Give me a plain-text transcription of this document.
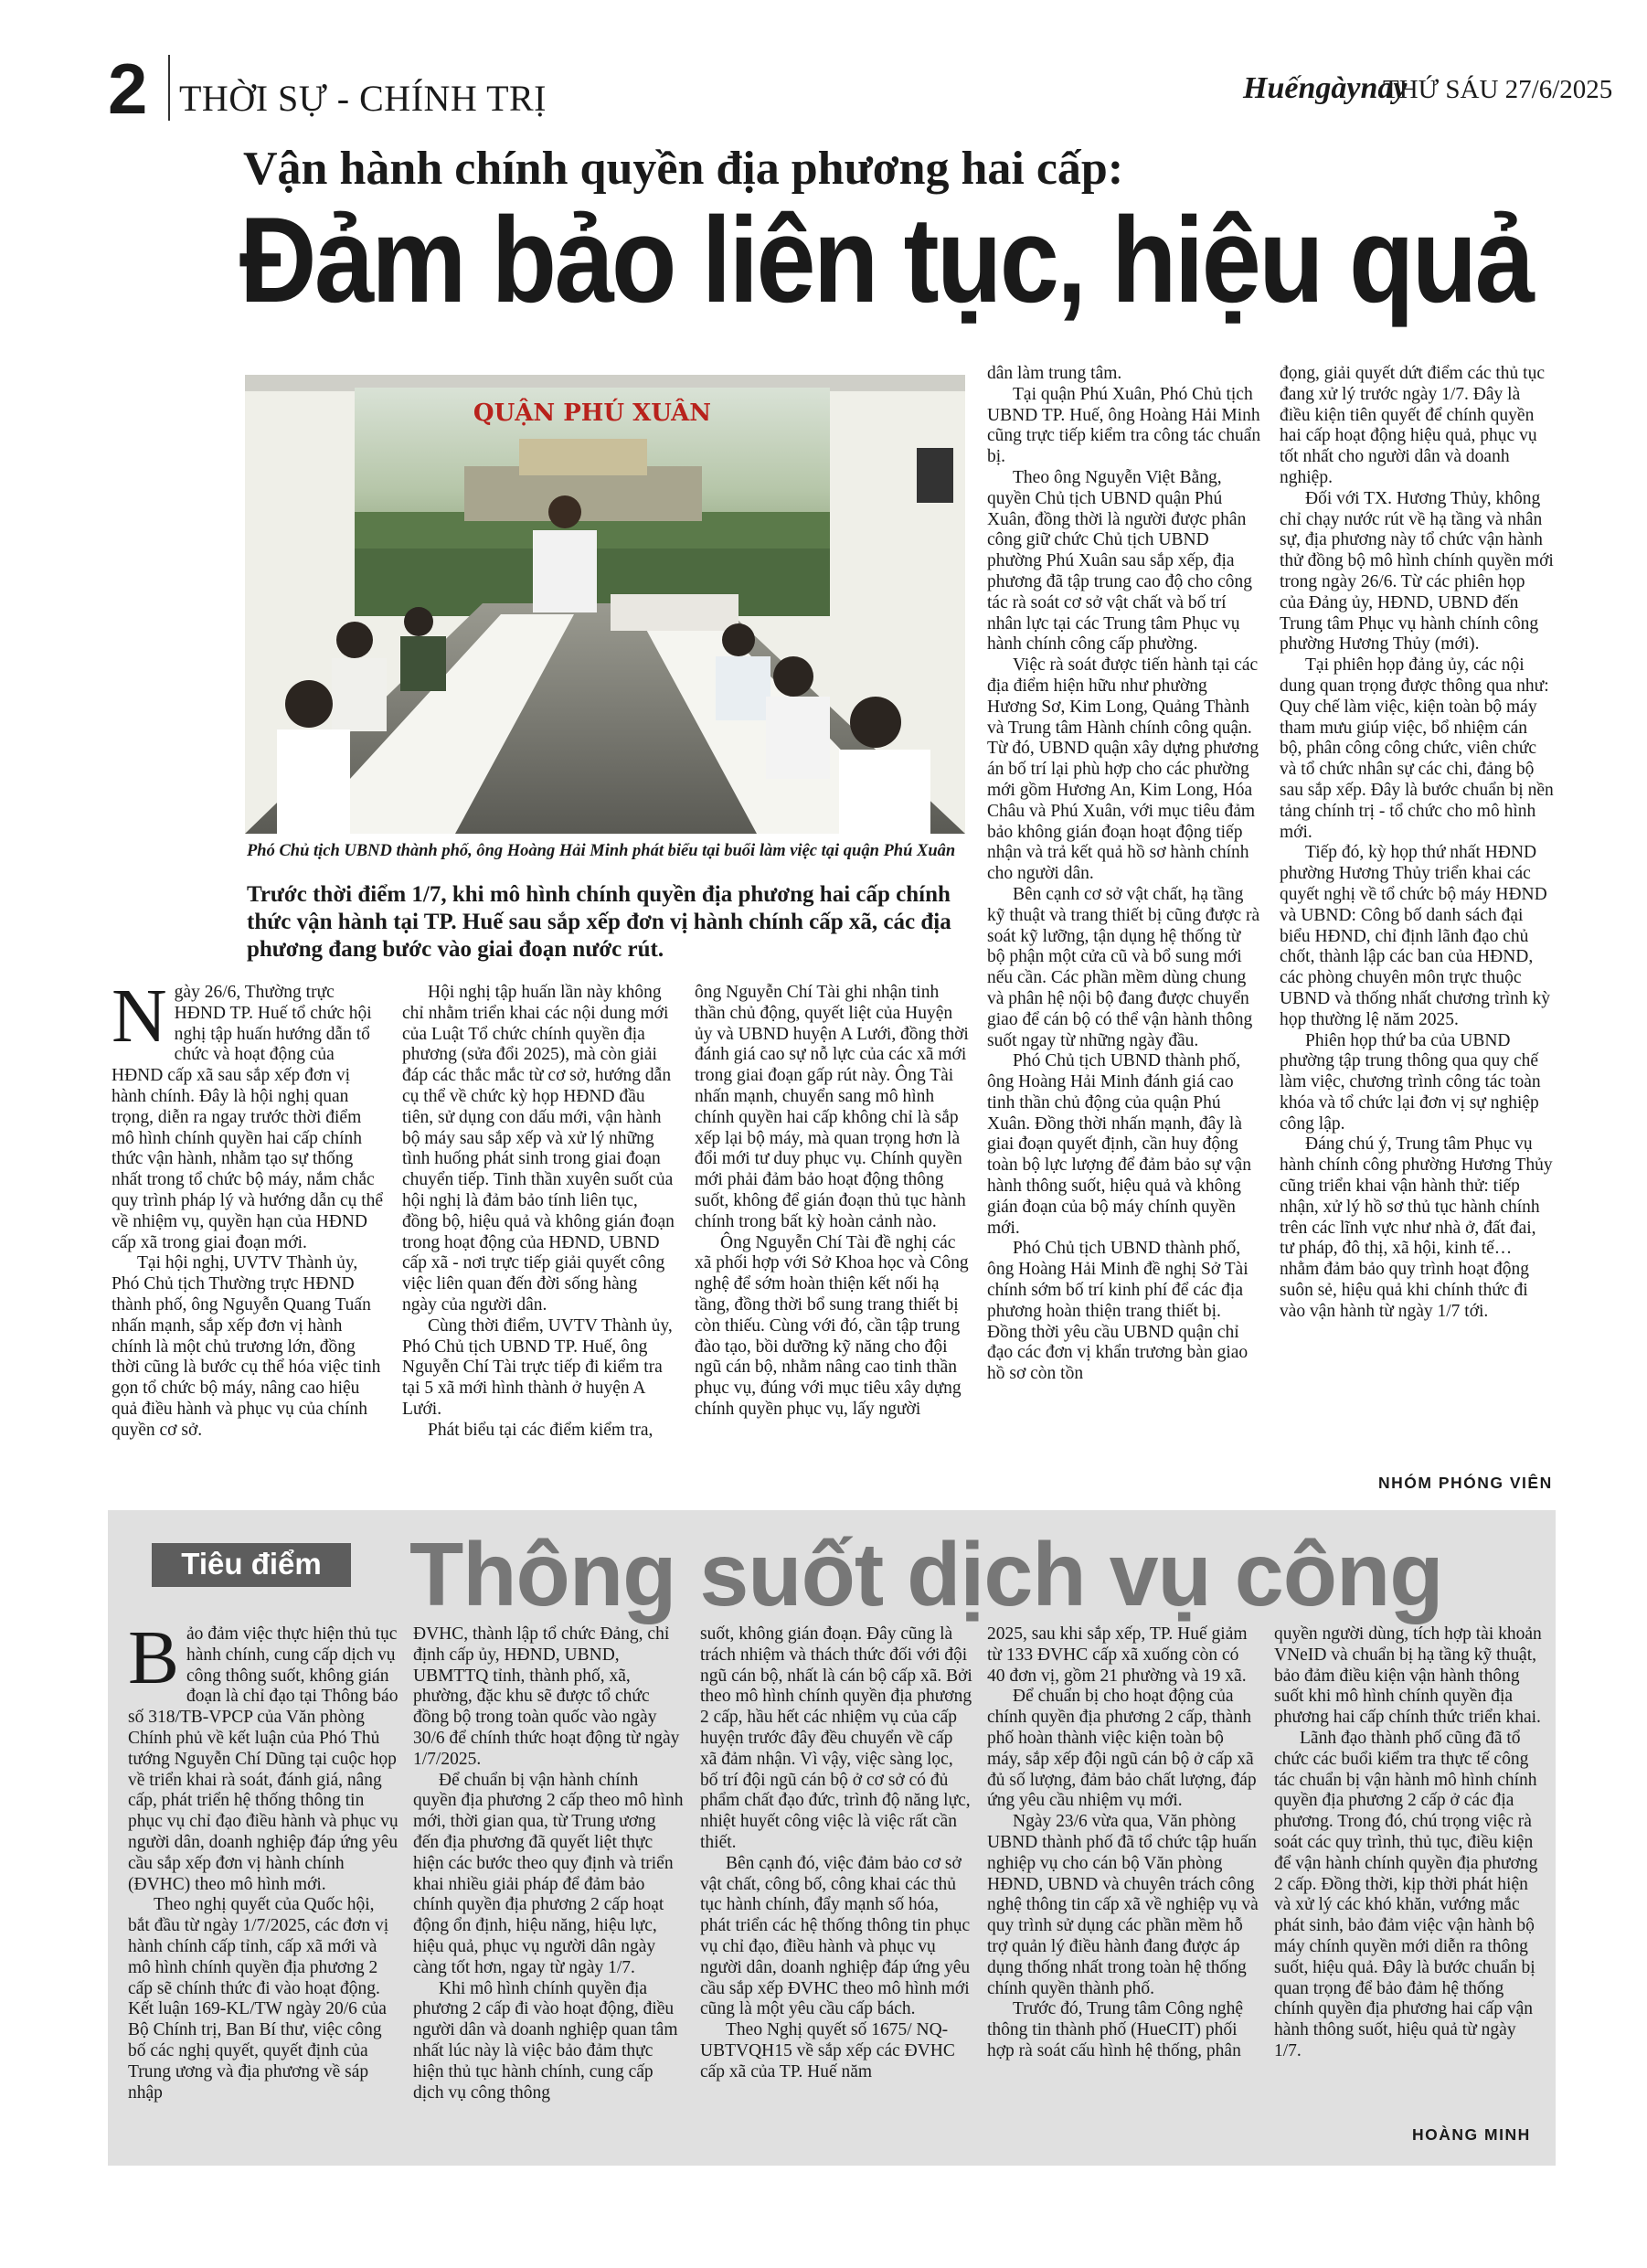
2 THỜI SỰ - CHÍNH TRỊ	Huếngàynay
THỨ SÁU 27/6/2025
Vận hành chính quyền địa phương hai cấp:
Đảm bảo liên tục, hiệu quả
QUẬN PHÚ XUÂN
Phó Chủ tịch UBND thành phố, ông Hoàng Hải Minh phát biểu tại buổi làm việc tại quận Phú Xuân
Trước thời điểm 1/7, khi mô hình chính quyền địa phương hai cấp chính thức vận hành tại TP. Huế sau sắp xếp đơn vị hành chính cấp xã, các địa phương đang bước vào giai đoạn nước rút.

Ngày 26/6, Thường trực HĐND TP. Huế tổ chức hội nghị tập huấn hướng dẫn tổ chức và hoạt động của HĐND cấp xã sau sắp xếp đơn vị hành chính. Đây là hội nghị quan trọng, diễn ra ngay trước thời điểm mô hình chính quyền hai cấp chính thức vận hành, nhằm tạo sự thống nhất trong tổ chức bộ máy, nắm chắc quy trình pháp lý và hướng dẫn cụ thể về nhiệm vụ, quyền hạn của HĐND cấp xã trong giai đoạn mới.

Tại hội nghị, UVTV Thành ủy, Phó Chủ tịch Thường trực HĐND thành phố, ông Nguyễn Quang Tuấn nhấn mạnh, sắp xếp đơn vị hành chính là một chủ trương lớn, đồng thời cũng là bước cụ thể hóa việc tinh gọn tổ chức bộ máy, nâng cao hiệu quả điều hành và phục vụ của chính quyền cơ sở.

Hội nghị tập huấn lần này không chỉ nhằm triển khai các nội dung mới của Luật Tổ chức chính quyền địa phương (sửa đổi 2025), mà còn giải đáp các thắc mắc từ cơ sở, hướng dẫn cụ thể về chức kỳ họp HĐND đầu tiên, sử dụng con dấu mới, vận hành bộ máy sau sắp xếp và xử lý những tình huống phát sinh trong giai đoạn chuyển tiếp. Tinh thần xuyên suốt của hội nghị là đảm bảo tính liên tục, đồng bộ, hiệu quả và không gián đoạn trong hoạt động của HĐND, UBND cấp xã - nơi trực tiếp giải quyết công việc liên quan đến đời sống hàng ngày của người dân.

Cùng thời điểm, UVTV Thành ủy, Phó Chủ tịch UBND TP. Huế, ông Nguyễn Chí Tài trực tiếp đi kiểm tra tại 5 xã mới hình thành ở huyện A Lưới.

Phát biểu tại các điểm kiểm tra,

ông Nguyễn Chí Tài ghi nhận tinh thần chủ động, quyết liệt của Huyện ủy và UBND huyện A Lưới, đồng thời đánh giá cao sự nỗ lực của các xã mới trong giai đoạn gấp rút này. Ông Tài nhấn mạnh, chuyển sang mô hình chính quyền hai cấp không chỉ là sắp xếp lại bộ máy, mà quan trọng hơn là đổi mới tư duy phục vụ. Chính quyền mới phải đảm bảo hoạt động thông suốt, không để gián đoạn thủ tục hành chính trong bất kỳ hoàn cảnh nào.

Ông Nguyễn Chí Tài đề nghị các xã phối hợp với Sở Khoa học và Công nghệ để sớm hoàn thiện kết nối hạ tầng, đồng thời bổ sung trang thiết bị còn thiếu. Cùng với đó, cần tập trung đào tạo, bồi dưỡng kỹ năng cho đội ngũ cán bộ, nhằm nâng cao tinh thần phục vụ, đúng với mục tiêu xây dựng chính quyền phục vụ, lấy người

dân làm trung tâm.

Tại quận Phú Xuân, Phó Chủ tịch UBND TP. Huế, ông Hoàng Hải Minh cũng trực tiếp kiểm tra công tác chuẩn bị.

Theo ông Nguyễn Việt Bằng, quyền Chủ tịch UBND quận Phú Xuân, đồng thời là người được phân công giữ chức Chủ tịch UBND phường Phú Xuân sau sắp xếp, địa phương đã tập trung cao độ cho công tác rà soát cơ sở vật chất và bố trí nhân lực tại các Trung tâm Phục vụ hành chính công cấp phường.

Việc rà soát được tiến hành tại các địa điểm hiện hữu như phường Hương Sơ, Kim Long, Quảng Thành và Trung tâm Hành chính công quận. Từ đó, UBND quận xây dựng phương án bố trí lại phù hợp cho các phường mới gồm Hương An, Kim Long, Hóa Châu và Phú Xuân, với mục tiêu đảm bảo không gián đoạn hoạt động tiếp nhận và trả kết quả hồ sơ hành chính cho người dân.

Bên cạnh cơ sở vật chất, hạ tầng kỹ thuật và trang thiết bị cũng được rà soát kỹ lưỡng, tận dụng hệ thống từ bộ phận một cửa cũ và bổ sung mới nếu cần. Các phần mềm dùng chung và phân hệ nội bộ đang được chuyển giao để cán bộ có thể vận hành thông suốt ngay từ những ngày đầu.

Phó Chủ tịch UBND thành phố, ông Hoàng Hải Minh đánh giá cao tinh thần chủ động của quận Phú Xuân. Đồng thời nhấn mạnh, đây là giai đoạn quyết định, cần huy động toàn bộ lực lượng để đảm bảo sự vận hành thông suốt, hiệu quả và không gián đoạn của bộ máy chính quyền mới.

Phó Chủ tịch UBND thành phố, ông Hoàng Hải Minh đề nghị Sở Tài chính sớm bố trí kinh phí để các địa phương hoàn thiện trang thiết bị. Đồng thời yêu cầu UBND quận chỉ đạo các đơn vị khẩn trương bàn giao hồ sơ còn tồn

đọng, giải quyết dứt điểm các thủ tục đang xử lý trước ngày 1/7. Đây là điều kiện tiên quyết để chính quyền hai cấp hoạt động hiệu quả, phục vụ tốt nhất cho người dân và doanh nghiệp.

Đối với TX. Hương Thủy, không chỉ chạy nước rút về hạ tầng và nhân sự, địa phương này tổ chức vận hành thử đồng bộ mô hình chính quyền mới trong ngày 26/6. Từ các phiên họp của Đảng ủy, HĐND, UBND đến Trung tâm Phục vụ hành chính công phường Hương Thủy (mới).

Tại phiên họp đảng ủy, các nội dung quan trọng được thông qua như: Quy chế làm việc, kiện toàn bộ máy tham mưu giúp việc, bổ nhiệm cán bộ, phân công công chức, viên chức và tổ chức nhân sự các chi, đảng bộ sau sắp xếp. Đây là bước chuẩn bị nền tảng chính trị - tổ chức cho mô hình mới.

Tiếp đó, kỳ họp thứ nhất HĐND phường Hương Thủy triển khai các quyết nghị về tổ chức bộ máy HĐND và UBND: Công bố danh sách đại biểu HĐND, chỉ định lãnh đạo chủ chốt, thành lập các ban của HĐND, các phòng chuyên môn trực thuộc UBND và thống nhất chương trình kỳ họp thường lệ năm 2025.

Phiên họp thứ ba của UBND phường tập trung thông qua quy chế làm việc, chương trình công tác toàn khóa và tổ chức lại đơn vị sự nghiệp công lập.

Đáng chú ý, Trung tâm Phục vụ hành chính công phường Hương Thủy cũng triển khai vận hành thử: tiếp nhận, xử lý hồ sơ thủ tục hành chính trên các lĩnh vực như nhà ở, đất đai, tư pháp, đô thị, xã hội, kinh tế… nhằm đảm bảo quy trình hoạt động suôn sẻ, hiệu quả khi chính thức đi vào vận hành từ ngày 1/7 tới.

NHÓM PHÓNG VIÊN
Tiêu điểm Thông suốt dịch vụ công

Bảo đảm việc thực hiện thủ tục hành chính, cung cấp dịch vụ công thông suốt, không gián đoạn là chỉ đạo tại Thông báo số 318/TB-VPCP của Văn phòng Chính phủ về kết luận của Phó Thủ tướng Nguyễn Chí Dũng tại cuộc họp về triển khai rà soát, đánh giá, nâng cấp, phát triển hệ thống thông tin phục vụ chỉ đạo điều hành và phục vụ người dân, doanh nghiệp đáp ứng yêu cầu sắp xếp đơn vị hành chính (ĐVHC) theo mô hình mới.

Theo nghị quyết của Quốc hội, bắt đầu từ ngày 1/7/2025, các đơn vị hành chính cấp tỉnh, cấp xã mới và mô hình chính quyền địa phương 2 cấp sẽ chính thức đi vào hoạt động. Kết luận 169-KL/TW ngày 20/6 của Bộ Chính trị, Ban Bí thư, việc công bố các nghị quyết, quyết định của Trung ương và địa phương về sáp nhập

ĐVHC, thành lập tổ chức Đảng, chỉ định cấp ủy, HĐND, UBND, UBMTTQ tỉnh, thành phố, xã, phường, đặc khu sẽ được tổ chức đồng bộ trong toàn quốc vào ngày 30/6 để chính thức hoạt động từ ngày 1/7/2025.

Để chuẩn bị vận hành chính quyền địa phương 2 cấp theo mô hình mới, thời gian qua, từ Trung ương đến địa phương đã quyết liệt thực hiện các bước theo quy định và triển khai nhiều giải pháp để đảm bảo chính quyền địa phương 2 cấp hoạt động ổn định, hiệu năng, hiệu lực, hiệu quả, phục vụ người dân ngày càng tốt hơn, ngay từ ngày 1/7.

Khi mô hình chính quyền địa phương 2 cấp đi vào hoạt động, điều người dân và doanh nghiệp quan tâm nhất lúc này là việc bảo đảm thực hiện thủ tục hành chính, cung cấp dịch vụ công thông

suốt, không gián đoạn. Đây cũng là trách nhiệm và thách thức đối với đội ngũ cán bộ, nhất là cán bộ cấp xã. Bởi theo mô hình chính quyền địa phương 2 cấp, hầu hết các nhiệm vụ của cấp huyện trước đây đều chuyển về cấp xã đảm nhận. Vì vậy, việc sàng lọc, bố trí đội ngũ cán bộ ở cơ sở có đủ phẩm chất đạo đức, trình độ năng lực, nhiệt huyết công việc là việc rất cần thiết.

Bên cạnh đó, việc đảm bảo cơ sở vật chất, công bố, công khai các thủ tục hành chính, đẩy mạnh số hóa, phát triển các hệ thống thông tin phục vụ chỉ đạo, điều hành và phục vụ người dân, doanh nghiệp đáp ứng yêu cầu sắp xếp ĐVHC theo mô hình mới cũng là một yêu cầu cấp bách.

Theo Nghị quyết số 1675/ NQ-UBTVQH15 về sắp xếp các ĐVHC cấp xã của TP. Huế năm

2025, sau khi sắp xếp, TP. Huế giảm từ 133 ĐVHC cấp xã xuống còn có 40 đơn vị, gồm 21 phường và 19 xã.

Để chuẩn bị cho hoạt động của chính quyền địa phương 2 cấp, thành phố hoàn thành việc kiện toàn bộ máy, sắp xếp đội ngũ cán bộ ở cấp xã đủ số lượng, đảm bảo chất lượng, đáp ứng yêu cầu nhiệm vụ mới.

Ngày 23/6 vừa qua, Văn phòng UBND thành phố đã tổ chức tập huấn nghiệp vụ cho cán bộ Văn phòng HĐND, UBND và chuyên trách công nghệ thông tin cấp xã về nghiệp vụ và quy trình sử dụng các phần mềm hỗ trợ quản lý điều hành đang được áp dụng thống nhất trong toàn hệ thống chính quyền thành phố.

Trước đó, Trung tâm Công nghệ thông tin thành phố (HueCIT) phối hợp rà soát cấu hình hệ thống, phân

quyền người dùng, tích hợp tài khoản VNeID và chuẩn bị hạ tầng kỹ thuật, bảo đảm điều kiện vận hành thông suốt khi mô hình chính quyền địa phương hai cấp chính thức triển khai.

Lãnh đạo thành phố cũng đã tổ chức các buổi kiểm tra thực tế công tác chuẩn bị vận hành mô hình chính quyền địa phương 2 cấp ở các địa phương. Trong đó, chú trọng việc rà soát các quy trình, thủ tục, điều kiện để vận hành chính quyền địa phương 2 cấp. Đồng thời, kịp thời phát hiện và xử lý các khó khăn, vướng mắc phát sinh, bảo đảm việc vận hành bộ máy chính quyền mới diễn ra thông suốt, hiệu quả. Đây là bước chuẩn bị quan trọng để bảo đảm hệ thống chính quyền địa phương hai cấp vận hành thông suốt, hiệu quả từ ngày 1/7.

HOÀNG MINH
